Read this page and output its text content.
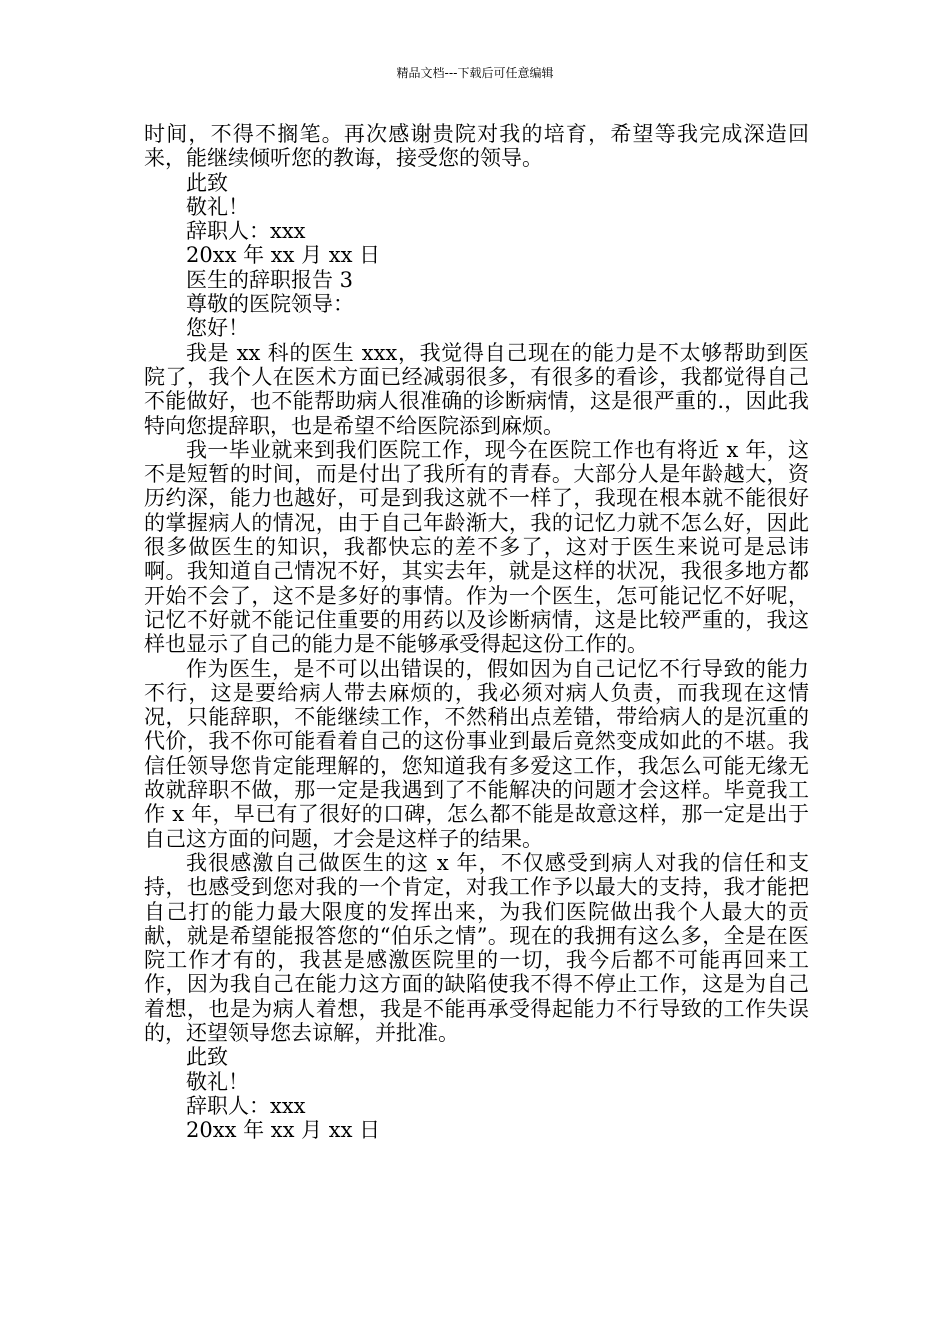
精品文档---下载后可任意编辑

时间，不得不搁笔。再次感谢贵院对我的培育，希望等我完成深造回来，能继续倾听您的教诲，接受您的领导。

此致

敬礼！

辞职人：xxx

20xx 年 xx 月 xx 日

医生的辞职报告 3

尊敬的医院领导：

您好！

我是 xx 科的医生 xxx，我觉得自己现在的能力是不太够帮助到医院了，我个人在医术方面已经减弱很多，有很多的看诊，我都觉得自己不能做好，也不能帮助病人很准确的诊断病情，这是很严重的.，因此我特向您提辞职，也是希望不给医院添到麻烦。

我一毕业就来到我们医院工作，现今在医院工作也有将近 x 年，这不是短暂的时间，而是付出了我所有的青春。大部分人是年龄越大，资历约深，能力也越好，可是到我这就不一样了，我现在根本就不能很好的掌握病人的情况，由于自己年龄渐大，我的记忆力就不怎么好，因此很多做医生的知识，我都快忘的差不多了，这对于医生来说可是忌讳啊。我知道自己情况不好，其实去年，就是这样的状况，我很多地方都开始不会了，这不是多好的事情。作为一个医生，怎可能记忆不好呢，记忆不好就不能记住重要的用药以及诊断病情，这是比较严重的，我这样也显示了自己的能力是不能够承受得起这份工作的。

作为医生，是不可以出错误的，假如因为自己记忆不行导致的能力不行，这是要给病人带去麻烦的，我必须对病人负责，而我现在这情况，只能辞职，不能继续工作，不然稍出点差错，带给病人的是沉重的代价，我不你可能看着自己的这份事业到最后竟然变成如此的不堪。我信任领导您肯定能理解的，您知道我有多爱这工作，我怎么可能无缘无故就辞职不做，那一定是我遇到了不能解决的问题才会这样。毕竟我工作 x 年，早已有了很好的口碑，怎么都不能是故意这样，那一定是出于自己这方面的问题，才会是这样子的结果。

我很感激自己做医生的这 x 年，不仅感受到病人对我的信任和支持，也感受到您对我的一个肯定，对我工作予以最大的支持，我才能把自己打的能力最大限度的发挥出来，为我们医院做出我个人最大的贡献，就是希望能报答您的“伯乐之情”。现在的我拥有这么多，全是在医院工作才有的，我甚是感激医院里的一切，我今后都不可能再回来工作，因为我自己在能力这方面的缺陷使我不得不停止工作，这是为自己着想，也是为病人着想，我是不能再承受得起能力不行导致的工作失误的，还望领导您去谅解，并批准。

此致

敬礼！

辞职人：xxx

20xx 年 xx 月 xx 日
